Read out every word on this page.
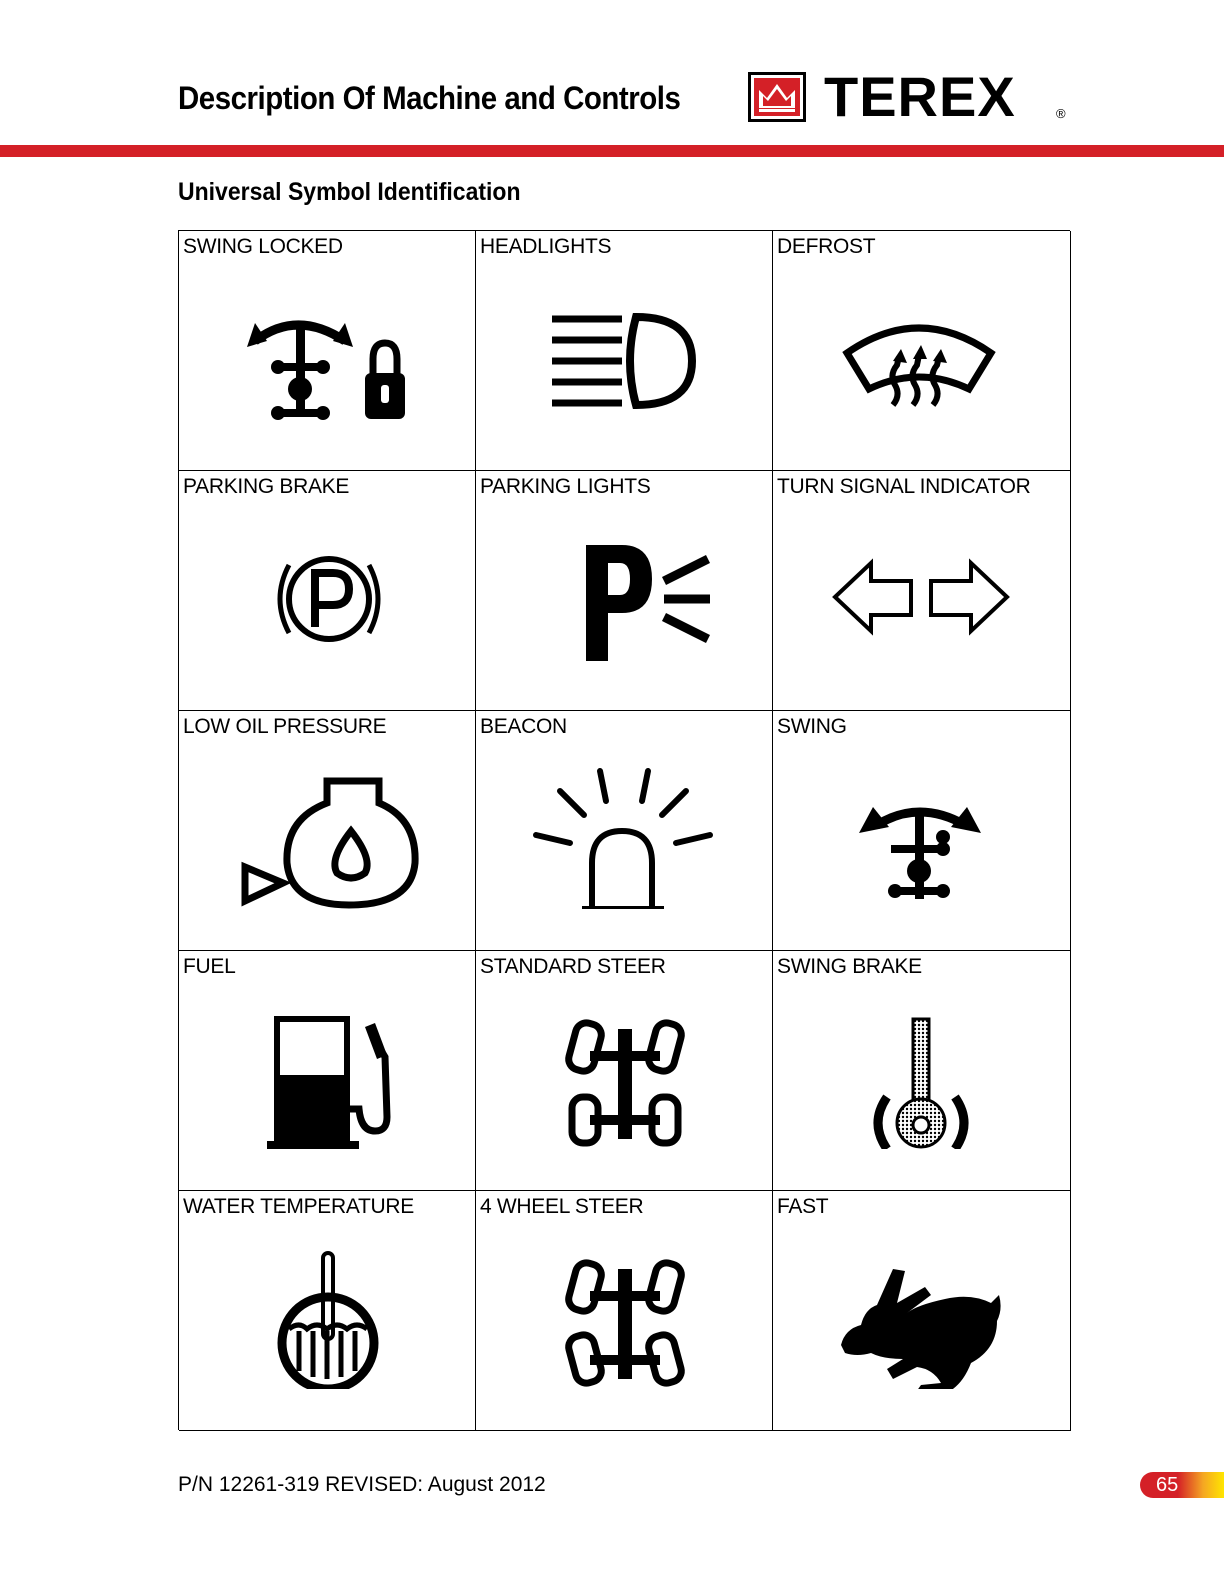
Description Of Machine and Controls	TEREX	®
Universal Symbol Identification
SWING LOCKED	HEADLIGHTS	DEFROST
PARKING BRAKE	PARKING LIGHTS	TURN SIGNAL INDICATOR
LOW OIL PRESSURE	BEACON	SWING
FUEL	STANDARD STEER	SWING BRAKE
WATER TEMPERATURE	4 WHEEL STEER	FAST
P/N 12261-319 REVISED: August 2012	65
